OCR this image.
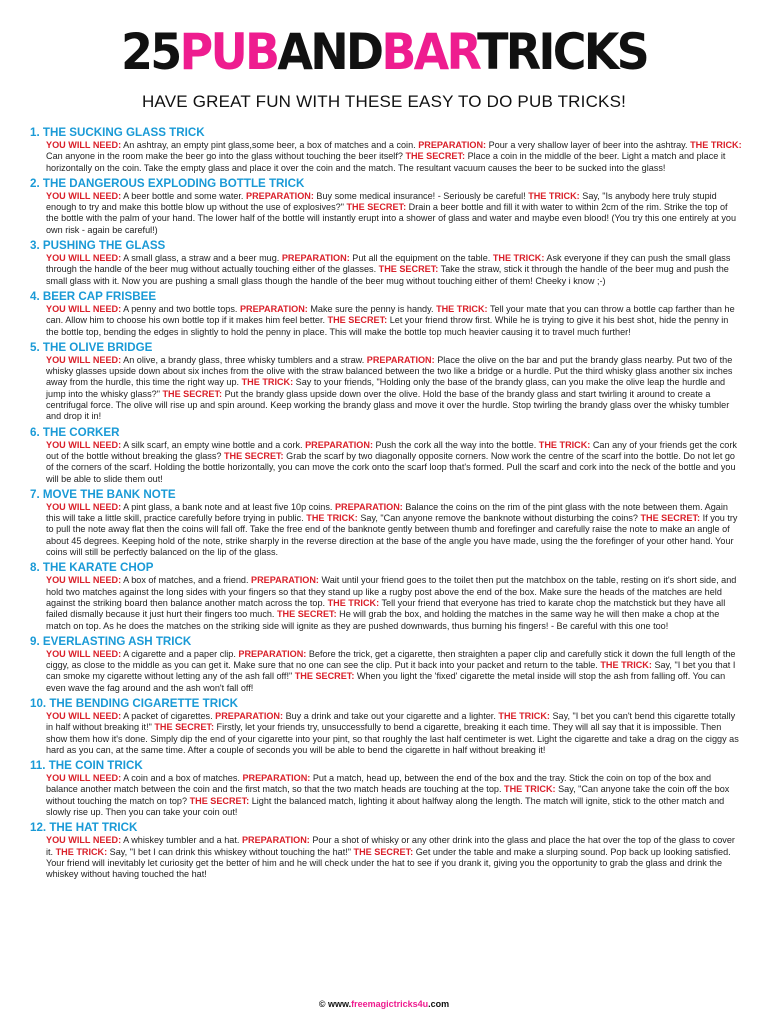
25PUBANDBARTRICKS
HAVE GREAT FUN WITH THESE EASY TO DO PUB TRICKS!
1. THE SUCKING GLASS TRICK
YOU WILL NEED: An ashtray, an empty pint glass,some beer, a box of matches and a coin. PREPARATION: Pour a very shallow layer of beer into the ashtray. THE TRICK: Can anyone in the room make the beer go into the glass without touching the beer itself? THE SECRET: Place a coin in the middle of the beer. Light a match and place it horizontally on the coin. Take the empty glass and place it over the coin and the match. The resultant vacuum causes the beer to be sucked into the glass!
2. THE DANGEROUS EXPLODING BOTTLE TRICK
YOU WILL NEED: A beer bottle and some water. PREPARATION: Buy some medical insurance! - Seriously be careful! THE TRICK: Say, "Is anybody here truly stupid enough to try and make this bottle blow up without the use of explosives?" THE SECRET: Drain a beer bottle and fill it with water to within 2cm of the rim. Strike the top of the bottle with the palm of your hand. The lower half of the bottle will instantly erupt into a shower of glass and water and maybe even blood! (You try this one entirely at you own risk - again be careful!)
3. PUSHING THE GLASS
YOU WILL NEED: A small glass, a straw and a beer mug. PREPARATION: Put all the equipment on the table. THE TRICK: Ask everyone if they can push the small glass through the handle of the beer mug without actually touching either of the glasses. THE SECRET: Take the straw, stick it through the handle of the beer mug and push the small glass with it. Now you are pushing a small glass though the handle of the beer mug without touching either of them! Cheeky i know ;-)
4. BEER CAP FRISBEE
YOU WILL NEED: A penny and two bottle tops. PREPARATION: Make sure the penny is handy. THE TRICK: Tell your mate that you can throw a bottle cap farther than he can. Allow him to choose his own bottle top if it makes him feel better. THE SECRET: Let your friend throw first. While he is trying to give it his best shot, hide the penny in the bottle top, bending the edges in slightly to hold the penny in place. This will make the bottle top much heavier causing it to travel much further!
5. THE OLIVE BRIDGE
YOU WILL NEED: An olive, a brandy glass, three whisky tumblers and a straw. PREPARATION: Place the olive on the bar and put the brandy glass nearby. Put two of the whisky glasses upside down about six inches from the olive with the straw balanced between the two like a bridge or a hurdle. Put the third whisky glass another six inches away from the hurdle, this time the right way up. THE TRICK: Say to your friends, "Holding only the base of the brandy glass, can you make the olive leap the hurdle and jump into the whisky glass?" THE SECRET: Put the brandy glass upside down over the olive. Hold the base of the brandy glass and start twirling it around to create a centrifugal force. The olive will rise up and spin around. Keep working the brandy glass and move it over the hurdle. Stop twirling the brandy glass over the whisky tumbler and drop it in!
6. THE CORKER
YOU WILL NEED: A silk scarf, an empty wine bottle and a cork. PREPARATION: Push the cork all the way into the bottle. THE TRICK: Can any of your friends get the cork out of the bottle without breaking the glass? THE SECRET: Grab the scarf by two diagonally opposite corners. Now work the centre of the scarf into the bottle. Do not let go of the corners of the scarf. Holding the bottle horizontally, you can move the cork onto the scarf loop that's formed. Pull the scarf and cork into the neck of the bottle and you will be able to slide them out!
7. MOVE THE BANK NOTE
YOU WILL NEED: A pint glass, a bank note and at least five 10p coins. PREPARATION: Balance the coins on the rim of the pint glass with the note between them. Again this will take a little skill, practice carefully before trying in public. THE TRICK: Say, "Can anyone remove the banknote without disturbing the coins? THE SECRET: If you try to pull the note away flat then the coins will fall off. Take the free end of the banknote gently between thumb and forefinger and carefully raise the note to make an angle of about 45 degrees. Keeping hold of the note, strike sharply in the reverse direction at the base of the angle you have made, using the the forefinger of your other hand. Your coins will still be perfectly balanced on the lip of the glass.
8. THE KARATE CHOP
YOU WILL NEED: A box of matches, and a friend. PREPARATION: Wait until your friend goes to the toilet then put the matchbox on the table, resting on it's short side, and hold two matches against the long sides with your fingers so that they stand up like a rugby post above the end of the box. Make sure the heads of the matches are held against the striking board then balance another match across the top. THE TRICK: Tell your friend that everyone has tried to karate chop the matchstick but they have all failed dismally because it just hurt their fingers too much. THE SECRET: He will grab the box, and holding the matches in the same way he will then make a chop at the match on top. As he does the matches on the striking side will ignite as they are pushed downwards, thus burning his fingers! - Be careful with this one too!
9. EVERLASTING ASH TRICK
YOU WILL NEED: A cigarette and a paper clip. PREPARATION: Before the trick, get a cigarette, then straighten a paper clip and carefully stick it down the full length of the ciggy, as close to the middle as you can get it. Make sure that no one can see the clip. Put it back into your packet and return to the table. THE TRICK: Say, "I bet you that I can smoke my cigarette without letting any of the ash fall off!" THE SECRET: When you light the 'fixed' cigarette the metal inside will stop the ash from falling off. You can even wave the fag around and the ash won't fall off!
10. THE BENDING CIGARETTE TRICK
YOU WILL NEED: A packet of cigarettes. PREPARATION: Buy a drink and take out your cigarette and a lighter. THE TRICK: Say, "I bet you can't bend this cigarette totally in half without breaking it!" THE SECRET: Firstly, let your friends try, unsuccessfully to bend a cigarette, breaking it each time. They will all say that it is impossible. Then show them how it's done. Simply dip the end of your cigarette into your pint, so that roughly the last half centimeter is wet. Light the cigarette and take a drag on the ciggy as hard as you can, at the same time. After a couple of seconds you will be able to bend the cigarette in half without breaking it!
11. THE COIN TRICK
YOU WILL NEED: A coin and a box of matches. PREPARATION: Put a match, head up, between the end of the box and the tray. Stick the coin on top of the box and balance another match between the coin and the first match, so that the two match heads are touching at the top. THE TRICK: Say, "Can anyone take the coin off the box without touching the match on top? THE SECRET: Light the balanced match, lighting it about halfway along the length. The match will ignite, stick to the other match and slowly rise up. Then you can take your coin out!
12. THE HAT TRICK
YOU WILL NEED: A whiskey tumbler and a hat. PREPARATION: Pour a shot of whisky or any other drink into the glass and place the hat over the top of the glass to cover it. THE TRICK: Say, "I bet I can drink this whiskey without touching the hat!" THE SECRET: Get under the table and make a slurping sound. Pop back up looking satisfied. Your friend will inevitably let curiosity get the better of him and he will check under the hat to see if you drank it, giving you the opportunity to grab the glass and drink the whiskey without having touched the hat!
© www.freemagictricks4u.com
